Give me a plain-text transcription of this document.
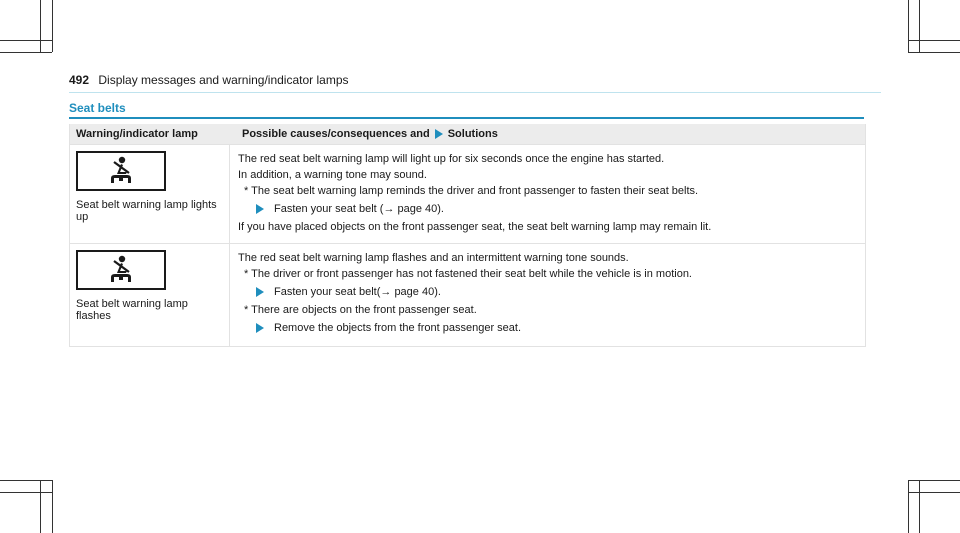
492 Display messages and warning/indicator lamps
Seat belts
Warning/indicator lamp	Possible causes/consequences and Solutions
Seat belt warning lamp lights up
The red seat belt warning lamp will light up for six seconds once the engine has started.
In addition, a warning tone may sound.
* The seat belt warning lamp reminds the driver and front passenger to fasten their seat belts.
Fasten your seat belt (→ page 40).
If you have placed objects on the front passenger seat, the seat belt warning lamp may remain lit.
Seat belt warning lamp flashes
The red seat belt warning lamp flashes and an intermittent warning tone sounds.
* The driver or front passenger has not fastened their seat belt while the vehicle is in motion.
Fasten your seat belt(→ page 40).
* There are objects on the front passenger seat.
Remove the objects from the front passenger seat.
